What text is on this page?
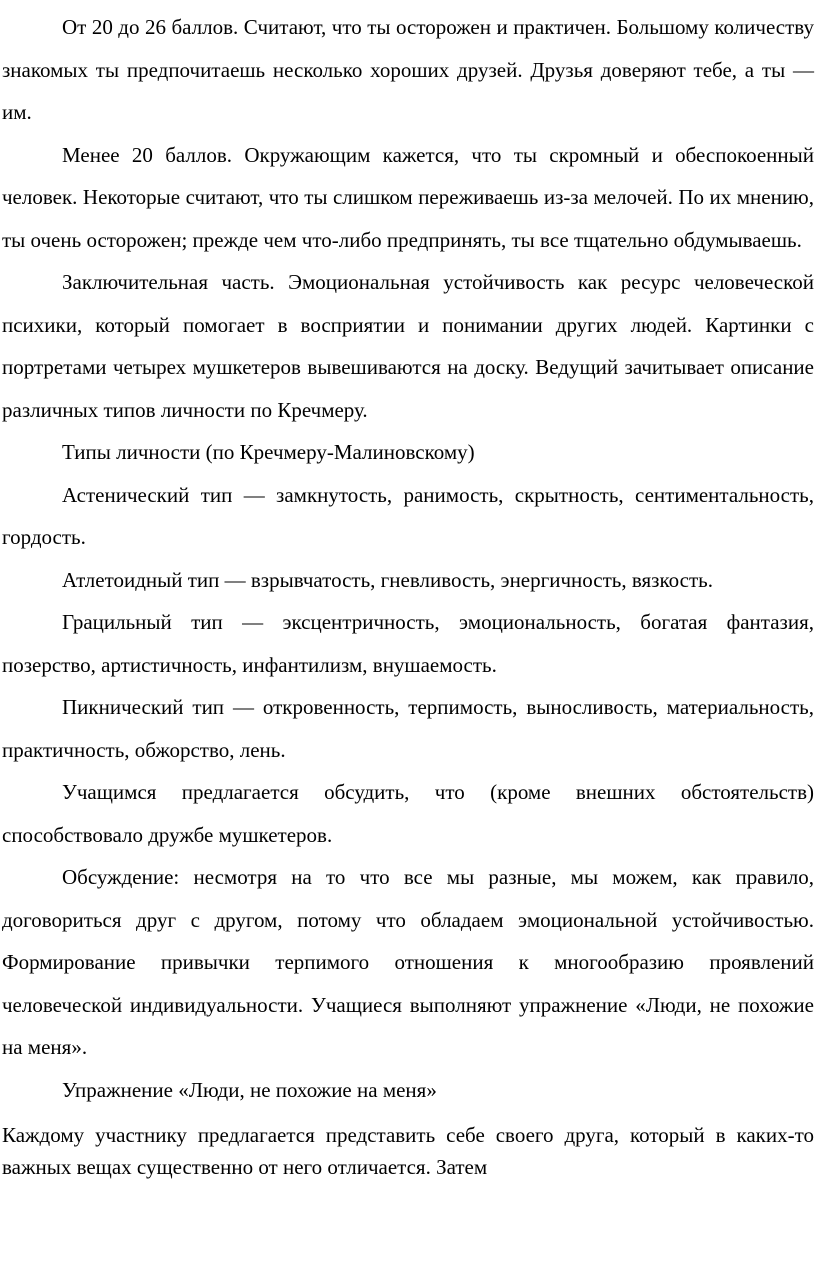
От 20 до 26 баллов. Считают, что ты осторожен и практичен. Большому количеству знакомых ты предпочитаешь несколько хороших друзей. Друзья доверяют тебе, а ты — им.

Менее 20 баллов. Окружающим кажется, что ты скромный и обеспокоенный человек. Некоторые считают, что ты слишком переживаешь из-за мелочей. По их мнению, ты очень осторожен; прежде чем что-либо предпринять, ты все тщательно обдумываешь.

Заключительная часть. Эмоциональная устойчивость как ресурс человеческой психики, который помогает в восприятии и понимании других людей. Картинки с портретами четырех мушкетеров вывешиваются на доску. Ведущий зачитывает описание различных типов личности по Кречмеру.

Типы личности (по Кречмеру-Малиновскому)

Астенический тип — замкнутость, ранимость, скрытность, сентиментальность, гордость.

Атлетоидный тип — взрывчатость, гневливость, энергичность, вязкость.

Грацильный тип — эксцентричность, эмоциональность, богатая фантазия, позерство, артистичность, инфантилизм, внушаемость.

Пикнический тип — откровенность, терпимость, выносливость, материальность, практичность, обжорство, лень.

Учащимся предлагается обсудить, что (кроме внешних обстоятельств) способствовало дружбе мушкетеров.

Обсуждение: несмотря на то что все мы разные, мы можем, как правило, договориться друг с другом, потому что обладаем эмоциональной устойчивостью. Формирование привычки терпимого отношения к многообразию проявлений человеческой индивидуальности. Учащиеся выполняют упражнение «Люди, не похожие на меня».

Упражнение «Люди, не похожие на меня»

Каждому участнику предлагается представить себе своего друга, который в каких-то важных вещах существенно от него отличается. Затем
